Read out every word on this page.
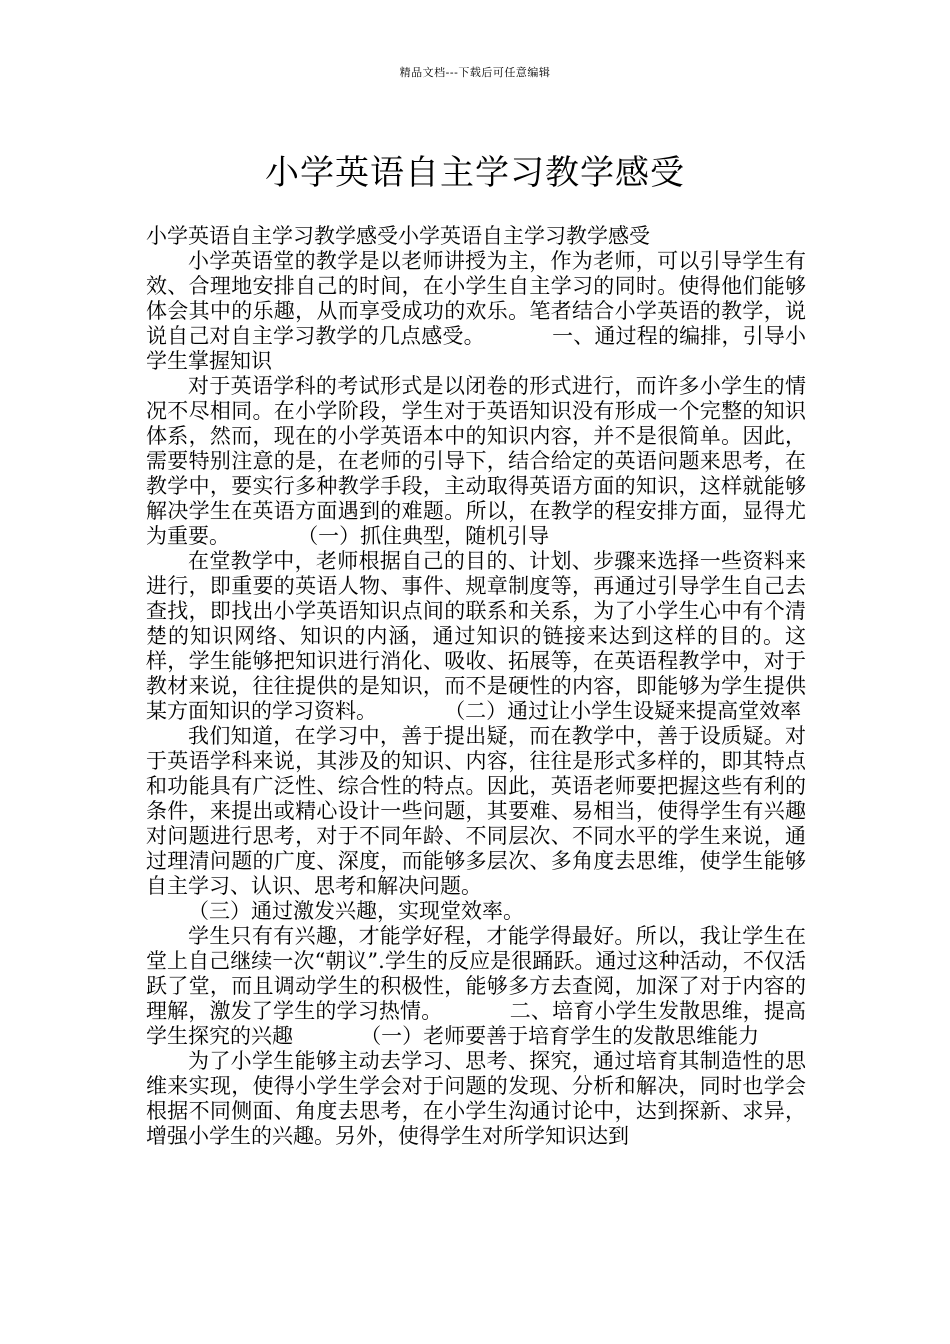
精品文档---下载后可任意编辑
小学英语自主学习教学感受

小学英语自主学习教学感受小学英语自主学习教学感受

小学英语堂的教学是以老师讲授为主，作为老师，可以引导学生有效、合理地安排自己的时间，在小学生自主学习的同时。使得他们能够体会其中的乐趣，从而享受成功的欢乐。笔者结合小学英语的教学，说说自己对自主学习教学的几点感受。	一、通过程的编排，引导小学生掌握知识

对于英语学科的考试形式是以闭卷的形式进行，而许多小学生的情况不尽相同。在小学阶段，学生对于英语知识没有形成一个完整的知识体系，然而，现在的小学英语本中的知识内容，并不是很简单。因此，需要特别注意的是，在老师的引导下，结合给定的英语问题来思考，在教学中，要实行多种教学手段，主动取得英语方面的知识，这样就能够解决学生在英语方面遇到的难题。所以，在教学的程安排方面，显得尤为重要。	（一）抓住典型，随机引导

在堂教学中，老师根据自己的目的、计划、步骤来选择一些资料来进行，即重要的英语人物、事件、规章制度等，再通过引导学生自己去查找，即找出小学英语知识点间的联系和关系，为了小学生心中有个清楚的知识网络、知识的内涵，通过知识的链接来达到这样的目的。这样，学生能够把知识进行消化、吸收、拓展等，在英语程教学中，对于教材来说，往往提供的是知识，而不是硬性的内容，即能够为学生提供某方面知识的学习资料。	（二）通过让小学生设疑来提高堂效率

我们知道，在学习中，善于提出疑，而在教学中，善于设质疑。对于英语学科来说，其涉及的知识、内容，往往是形式多样的，即其特点和功能具有广泛性、综合性的特点。因此，英语老师要把握这些有利的条件，来提出或精心设计一些问题，其要难、易相当，使得学生有兴趣对问题进行思考，对于不同年龄、不同层次、不同水平的学生来说，通过理清问题的广度、深度，而能够多层次、多角度去思维，使学生能够自主学习、认识、思考和解决问题。

（三）通过激发兴趣，实现堂效率。

学生只有有兴趣，才能学好程，才能学得最好。所以，我让学生在堂上自己继续一次“朝议”.学生的反应是很踊跃。通过这种活动，不仅活跃了堂，而且调动学生的积极性，能够多方去查阅，加深了对于内容的理解，激发了学生的学习热情。	二、培育小学生发散思维，提高学生探究的兴趣	（一）老师要善于培育学生的发散思维能力

为了小学生能够主动去学习、思考、探究，通过培育其制造性的思维来实现，使得小学生学会对于问题的发现、分析和解决，同时也学会根据不同侧面、角度去思考，在小学生沟通讨论中，达到探新、求异，增强小学生的兴趣。另外，使得学生对所学知识达到
